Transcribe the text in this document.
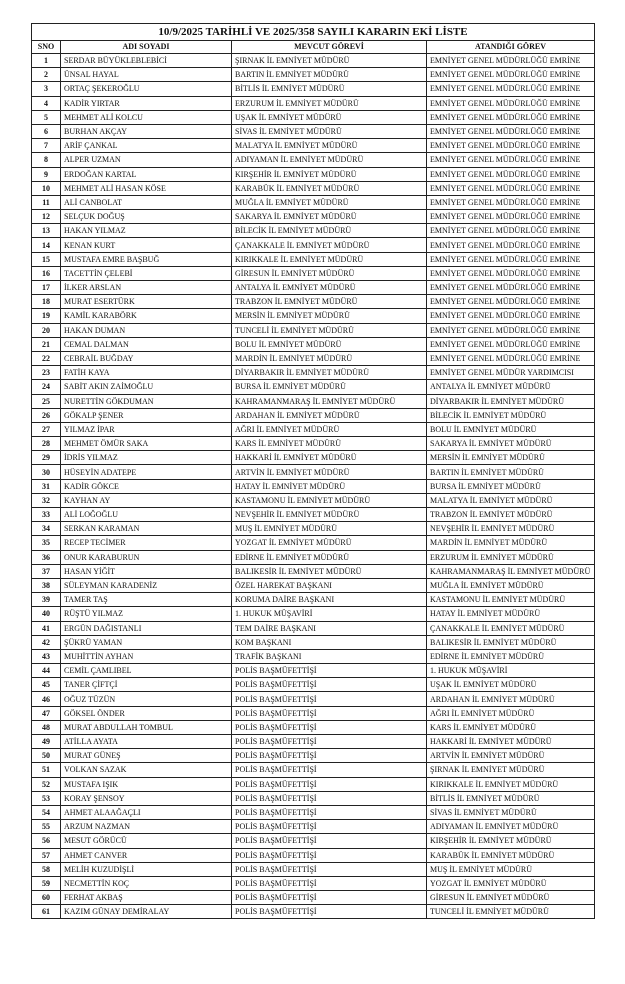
10/9/2025 TARİHLİ VE 2025/358 SAYILI KARARIN EKİ LİSTE			
SNO	ADI SOYADI	MEVCUT GÖREVİ	ATANDIĞI GÖREV
1	SERDAR BÜYÜKLEBLEBİCİ	ŞIRNAK İL EMNİYET MÜDÜRÜ	EMNİYET GENEL MÜDÜRLÜĞÜ EMRİNE
2	ÜNSAL HAYAL	BARTIN İL EMNİYET MÜDÜRÜ	EMNİYET GENEL MÜDÜRLÜĞÜ EMRİNE
3	ORTAÇ ŞEKEROĞLU	BİTLİS İL EMNİYET MÜDÜRÜ	EMNİYET GENEL MÜDÜRLÜĞÜ EMRİNE
4	KADİR YIRTAR	ERZURUM İL EMNİYET MÜDÜRÜ	EMNİYET GENEL MÜDÜRLÜĞÜ EMRİNE
5	MEHMET ALİ KOLCU	UŞAK İL EMNİYET MÜDÜRÜ	EMNİYET GENEL MÜDÜRLÜĞÜ EMRİNE
6	BURHAN AKÇAY	SİVAS İL EMNİYET MÜDÜRÜ	EMNİYET GENEL MÜDÜRLÜĞÜ EMRİNE
7	ARİF ÇANKAL	MALATYA İL EMNİYET MÜDÜRÜ	EMNİYET GENEL MÜDÜRLÜĞÜ EMRİNE
8	ALPER UZMAN	ADIYAMAN İL EMNİYET MÜDÜRÜ	EMNİYET GENEL MÜDÜRLÜĞÜ EMRİNE
9	ERDOĞAN KARTAL	KIRŞEHİR İL EMNİYET MÜDÜRÜ	EMNİYET GENEL MÜDÜRLÜĞÜ EMRİNE
10	MEHMET ALİ HASAN KÖSE	KARABÜK İL EMNİYET MÜDÜRÜ	EMNİYET GENEL MÜDÜRLÜĞÜ EMRİNE
11	ALİ CANBOLAT	MUĞLA İL EMNİYET MÜDÜRÜ	EMNİYET GENEL MÜDÜRLÜĞÜ EMRİNE
12	SELÇUK DOĞUŞ	SAKARYA İL EMNİYET MÜDÜRÜ	EMNİYET GENEL MÜDÜRLÜĞÜ EMRİNE
13	HAKAN YILMAZ	BİLECİK İL EMNİYET MÜDÜRÜ	EMNİYET GENEL MÜDÜRLÜĞÜ EMRİNE
14	KENAN KURT	ÇANAKKALE İL EMNİYET MÜDÜRÜ	EMNİYET GENEL MÜDÜRLÜĞÜ EMRİNE
15	MUSTAFA EMRE BAŞBUĞ	KIRIKKALE İL EMNİYET MÜDÜRÜ	EMNİYET GENEL MÜDÜRLÜĞÜ EMRİNE
16	TACETTİN ÇELEBİ	GİRESUN İL EMNİYET MÜDÜRÜ	EMNİYET GENEL MÜDÜRLÜĞÜ EMRİNE
17	İLKER ARSLAN	ANTALYA İL EMNİYET MÜDÜRÜ	EMNİYET GENEL MÜDÜRLÜĞÜ EMRİNE
18	MURAT ESERTÜRK	TRABZON İL EMNİYET MÜDÜRÜ	EMNİYET GENEL MÜDÜRLÜĞÜ EMRİNE
19	KAMİL KARABÖRK	MERSİN İL EMNİYET MÜDÜRÜ	EMNİYET GENEL MÜDÜRLÜĞÜ EMRİNE
20	HAKAN DUMAN	TUNCELİ İL EMNİYET MÜDÜRÜ	EMNİYET GENEL MÜDÜRLÜĞÜ EMRİNE
21	CEMAL DALMAN	BOLU İL EMNİYET MÜDÜRÜ	EMNİYET GENEL MÜDÜRLÜĞÜ EMRİNE
22	CEBRAİL BUĞDAY	MARDİN İL EMNİYET MÜDÜRÜ	EMNİYET GENEL MÜDÜRLÜĞÜ EMRİNE
23	FATİH KAYA	DİYARBAKIR İL EMNİYET MÜDÜRÜ	EMNİYET GENEL MÜDÜR YARDIMCISI
24	SABİT AKIN ZAİMOĞLU	BURSA İL EMNİYET MÜDÜRÜ	ANTALYA İL EMNİYET MÜDÜRÜ
25	NURETTİN GÖKDUMAN	KAHRAMANMARAŞ İL EMNİYET MÜDÜRÜ	DİYARBAKIR İL EMNİYET MÜDÜRÜ
26	GÖKALP ŞENER	ARDAHAN İL EMNİYET MÜDÜRÜ	BİLECİK İL EMNİYET MÜDÜRÜ
27	YILMAZ İPAR	AĞRI İL EMNİYET MÜDÜRÜ	BOLU İL EMNİYET MÜDÜRÜ
28	MEHMET ÖMÜR SAKA	KARS İL EMNİYET MÜDÜRÜ	SAKARYA İL EMNİYET MÜDÜRÜ
29	İDRİS YILMAZ	HAKKARİ İL EMNİYET MÜDÜRÜ	MERSİN İL EMNİYET MÜDÜRÜ
30	HÜSEYİN ADATEPE	ARTVİN İL EMNİYET MÜDÜRÜ	BARTIN İL EMNİYET MÜDÜRÜ
31	KADİR GÖKCE	HATAY İL EMNİYET MÜDÜRÜ	BURSA İL EMNİYET MÜDÜRÜ
32	KAYHAN AY	KASTAMONU İL EMNİYET MÜDÜRÜ	MALATYA İL EMNİYET MÜDÜRÜ
33	ALİ LOĞOĞLU	NEVŞEHİR İL EMNİYET MÜDÜRÜ	TRABZON İL EMNİYET MÜDÜRÜ
34	SERKAN KARAMAN	MUŞ İL EMNİYET MÜDÜRÜ	NEVŞEHİR İL EMNİYET MÜDÜRÜ
35	RECEP TECİMER	YOZGAT İL EMNİYET MÜDÜRÜ	MARDİN İL EMNİYET MÜDÜRÜ
36	ONUR KARABURUN	EDİRNE İL EMNİYET MÜDÜRÜ	ERZURUM İL EMNİYET MÜDÜRÜ
37	HASAN YİĞİT	BALIKESİR İL EMNİYET MÜDÜRÜ	KAHRAMANMARAŞ İL EMNİYET MÜDÜRÜ
38	SÜLEYMAN KARADENİZ	ÖZEL HAREKAT BAŞKANI	MUĞLA İL EMNİYET MÜDÜRÜ
39	TAMER TAŞ	KORUMA DAİRE BAŞKANI	KASTAMONU İL EMNİYET MÜDÜRÜ
40	RÜŞTÜ YILMAZ	1. HUKUK MÜŞAVİRİ	HATAY İL EMNİYET MÜDÜRÜ
41	ERGÜN DAĞISTANLI	TEM DAİRE BAŞKANI	ÇANAKKALE İL EMNİYET MÜDÜRÜ
42	ŞÜKRÜ YAMAN	KOM BAŞKANI	BALIKESİR İL EMNİYET MÜDÜRÜ
43	MUHİTTİN AYHAN	TRAFİK BAŞKANI	EDİRNE İL EMNİYET MÜDÜRÜ
44	CEMİL ÇAMLIBEL	POLİS BAŞMÜFETTİŞİ	1. HUKUK MÜŞAVİRİ
45	TANER ÇİFTÇİ	POLİS BAŞMÜFETTİŞİ	UŞAK İL EMNİYET MÜDÜRÜ
46	OĞUZ TÜZÜN	POLİS BAŞMÜFETTİŞİ	ARDAHAN İL EMNİYET MÜDÜRÜ
47	GÖKSEL ÖNDER	POLİS BAŞMÜFETTİŞİ	AĞRI İL EMNİYET MÜDÜRÜ
48	MURAT ABDULLAH TOMBUL	POLİS BAŞMÜFETTİŞİ	KARS İL EMNİYET MÜDÜRÜ
49	ATİLLA AYATA	POLİS BAŞMÜFETTİŞİ	HAKKARİ İL EMNİYET MÜDÜRÜ
50	MURAT GÜNEŞ	POLİS BAŞMÜFETTİŞİ	ARTVİN İL EMNİYET MÜDÜRÜ
51	VOLKAN SAZAK	POLİS BAŞMÜFETTİŞİ	ŞIRNAK İL EMNİYET MÜDÜRÜ
52	MUSTAFA IŞIK	POLİS BAŞMÜFETTİŞİ	KIRIKKALE İL EMNİYET MÜDÜRÜ
53	KORAY ŞENSOY	POLİS BAŞMÜFETTİŞİ	BİTLİS İL EMNİYET MÜDÜRÜ
54	AHMET ALAAĞAÇLI	POLİS BAŞMÜFETTİŞİ	SİVAS İL EMNİYET MÜDÜRÜ
55	ARZUM NAZMAN	POLİS BAŞMÜFETTİŞİ	ADIYAMAN İL EMNİYET MÜDÜRÜ
56	MESUT GÖRÜCÜ	POLİS BAŞMÜFETTİŞİ	KIRŞEHİR İL EMNİYET MÜDÜRÜ
57	AHMET CANVER	POLİS BAŞMÜFETTİŞİ	KARABÜK İL EMNİYET MÜDÜRÜ
58	MELİH KUZUDİŞLİ	POLİS BAŞMÜFETTİŞİ	MUŞ İL EMNİYET MÜDÜRÜ
59	NECMETTİN KOÇ	POLİS BAŞMÜFETTİŞİ	YOZGAT İL EMNİYET MÜDÜRÜ
60	FERHAT AKBAŞ	POLİS BAŞMÜFETTİŞİ	GİRESUN İL EMNİYET MÜDÜRÜ
61	KAZIM GÜNAY DEMİRALAY	POLİS BAŞMÜFETTİŞİ	TUNCELİ İL EMNİYET MÜDÜRÜ
